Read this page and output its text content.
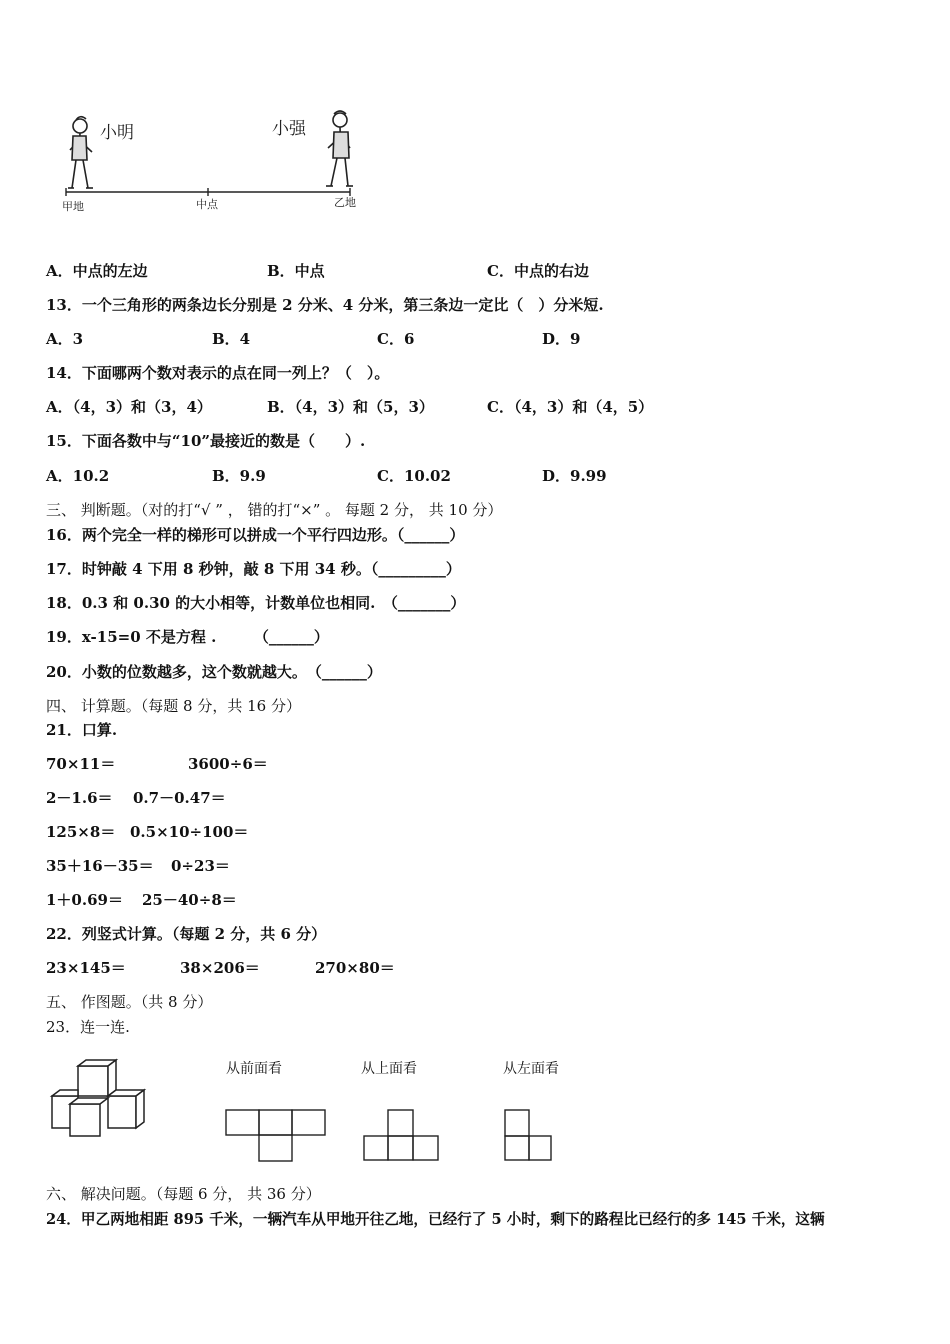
小明	小强
甲地	中点	乙地
A．中点的左边	B．中点	C．中点的右边
13．一个三角形的两条边长分别是 2 分米、4 分米，第三条边一定比（　）分米短.
A．3	B．4	C．6	D．9
14．下面哪两个数对表示的点在同一列上？（　）。
A．（4，3）和（3，4）	B．（4，3）和（5，3）	C．（4，3）和（4，5）
15．下面各数中与“10”最接近的数是（　　）.
A．10.2	B．9.9	C．10.02	D．9.99
三、 判断题。（对的打“√ ” ， 错的打“×” 。 每题 2 分， 共 10 分）
16．两个完全一样的梯形可以拼成一个平行四边形。（______）
17．时钟敲 4 下用 8 秒钟，敲 8 下用 34 秒。（_________）
18．0.3 和 0.30 的大小相等，计数单位也相同.　（_______）
19．x-15=0 不是方程 .　　　（______）
20．小数的位数越多，这个数就越大。　（______）
四、 计算题。（每题 8 分，共 16 分）
21．口算.
70×11＝	3600÷6＝
2－1.6＝ 0.7－0.47＝
125×8＝ 0.5×10÷100＝
35＋16－35＝ 0÷23＝
1＋0.69＝ 25－40÷8＝
22．列竖式计算。（每题 2 分，共 6 分）
23×145＝	38×206＝	270×80＝
五、 作图题。（共 8 分）
23．连一连.
从前面看	从上面看	从左面看
六、 解决问题。（每题 6 分， 共 36 分）
24．甲乙两地相距 895 千米，一辆汽车从甲地开往乙地，已经行了 5 小时，剩下的路程比已经行的多 145 千米，这辆
